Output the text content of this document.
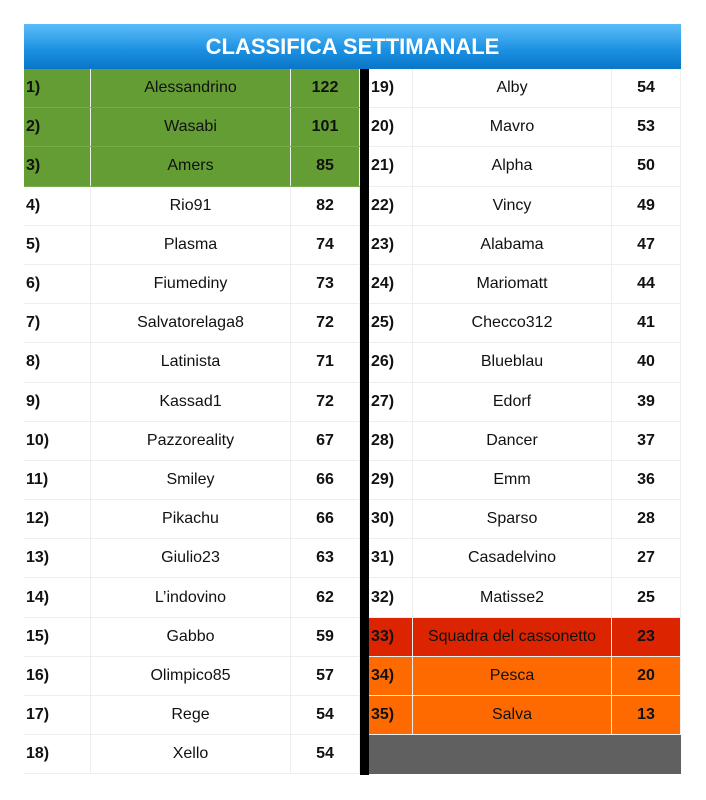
CLASSIFICA SETTIMANALE
1)	Alessandrino	122
2)	Wasabi	101
3)	Amers	85
4)	Rio91	82
5)	Plasma	74
6)	Fiumediny	73
7)	Salvatorelaga8	72
8)	Latinista	71
9)	Kassad1	72
10)	Pazzoreality	67
11)	Smiley	66
12)	Pikachu	66
13)	Giulio23	63
14)	L’indovino	62
15)	Gabbo	59
16)	Olimpico85	57
17)	Rege	54
18)	Xello	54
19)	Alby	54
20)	Mavro	53
21)	Alpha	50
22)	Vincy	49
23)	Alabama	47
24)	Mariomatt	44
25)	Checco312	41
26)	Blueblau	40
27)	Edorf	39
28)	Dancer	37
29)	Emm	36
30)	Sparso	28
31)	Casadelvino	27
32)	Matisse2	25
33)	Squadra del cassonetto	23
34)	Pesca	20
35)	Salva	13
